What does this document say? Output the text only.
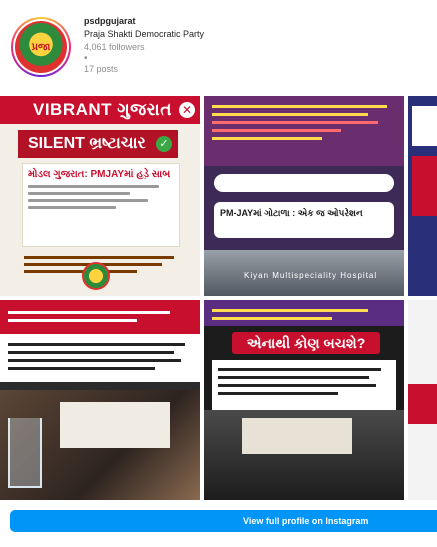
પ્રજા
psdpgujarat
Praja Shakti Democratic Party
4,061 followers
•
17 posts
VIBRANT ગુજરાત ✕
SILENT ભ્રષ્ટાચાર	✓
મોડલ ગુજરાત: PMJAYમાં હડ઼ે સાબ
PM-JAYમાં ગોટાળા : એક જ ઓપરેશન
Kiyan Multispeciality Hospital
એનાથી કોણ બચશે?
View full profile on Instagram
